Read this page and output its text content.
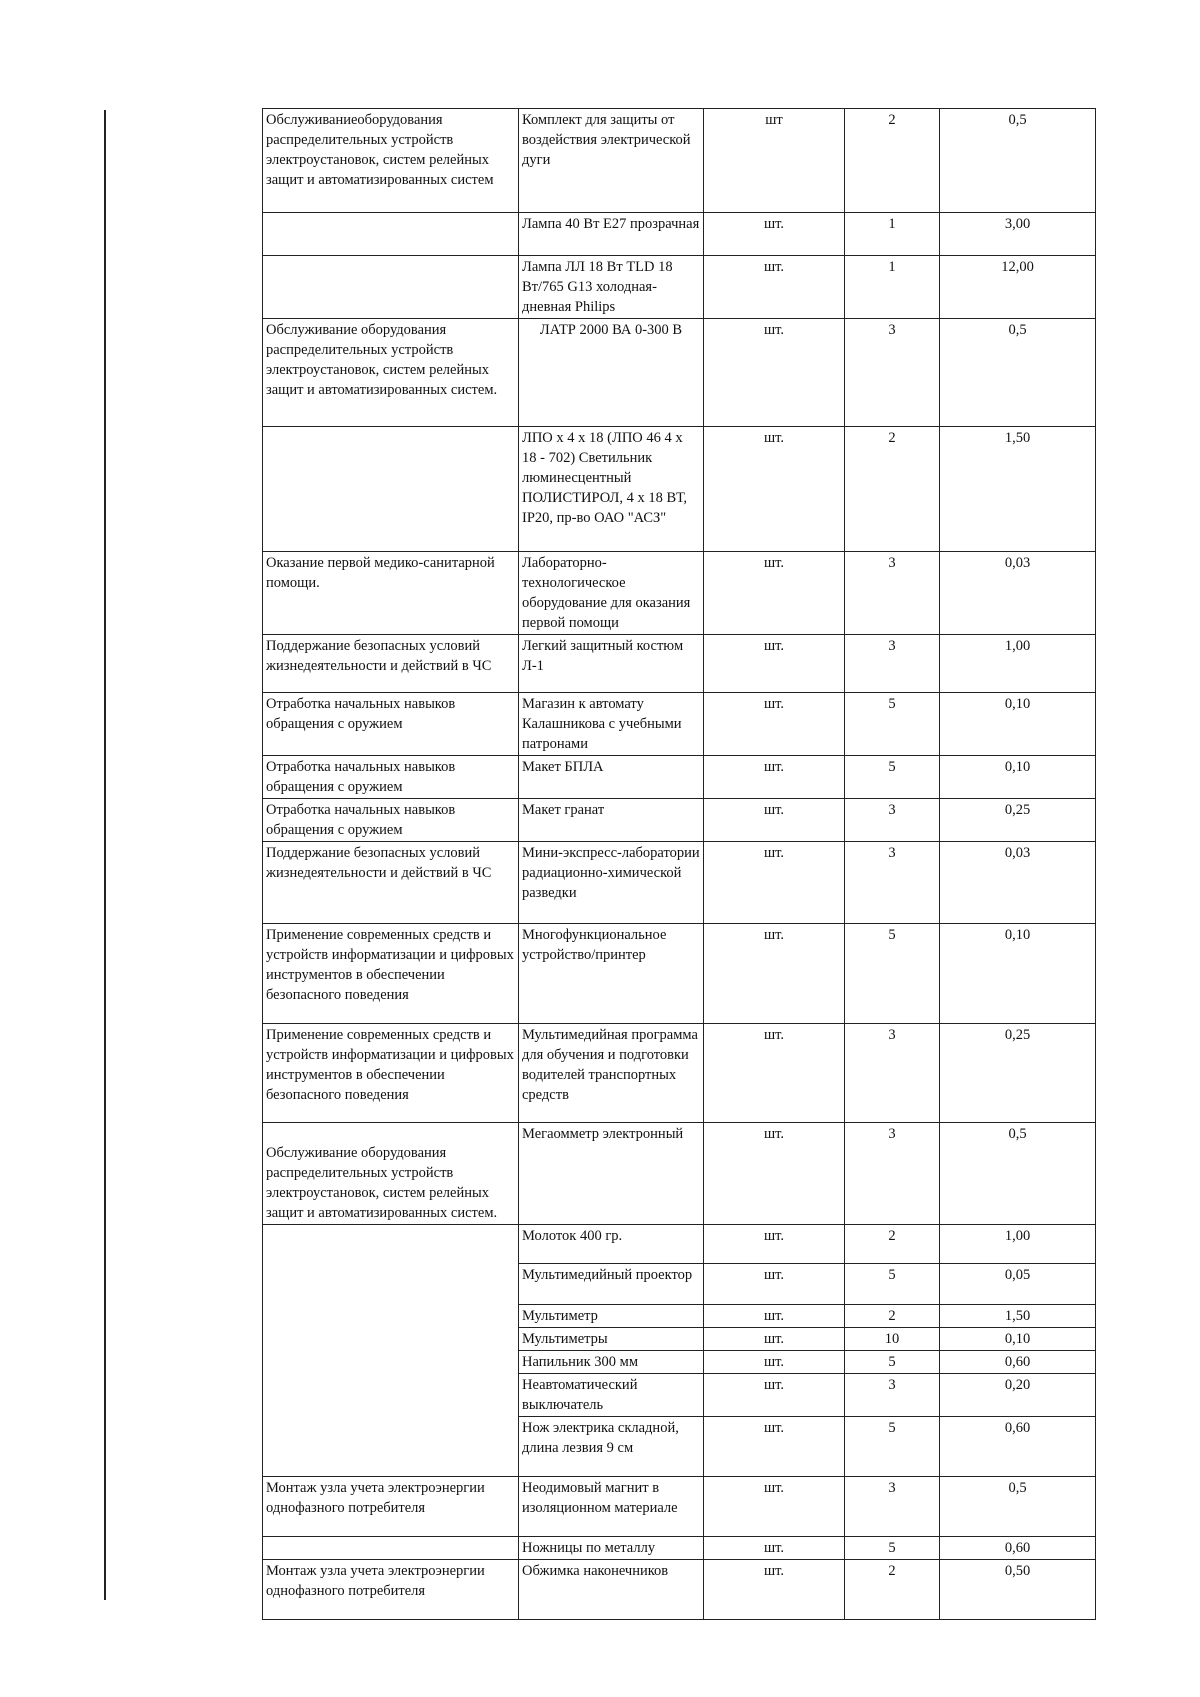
Обслуживаниеоборудования распределительных устройств электроустановок, систем релейных защит и автоматизированных систем	Комплект для защиты от воздействия электрической дуги	шт	2	0,5
	Лампа 40 Вт Е27 прозрачная	шт.	1	3,00
	Лампа ЛЛ 18 Вт TLD 18 Вт/765 G13 холодная-дневная Philips	шт.	1	12,00
Обслуживание оборудования распределительных устройств электроустановок, систем релейных защит и автоматизированных систем.	ЛАТР 2000 ВА 0-300 В	шт.	3	0,5
	ЛПО х 4 х 18 (ЛПО 46 4 х 18 - 702) Светильник люминесцентный ПОЛИСТИРОЛ, 4 х 18 ВТ, IP20, пр-во ОАО "АСЗ"	шт.	2	1,50
Оказание первой медико-санитарной помощи.	Лабораторно-технологическое оборудование для оказания первой помощи	шт.	3	0,03
Поддержание безопасных условий жизнедеятельности и действий в ЧС	Легкий защитный костюм Л-1	шт.	3	1,00
Отработка начальных навыков обращения с оружием	Магазин к автомату Калашникова с учебными патронами	шт.	5	0,10
Отработка начальных навыков обращения с оружием	Макет БПЛА	шт.	5	0,10
Отработка начальных навыков обращения с оружием	Макет гранат	шт.	3	0,25
Поддержание безопасных условий жизнедеятельности и действий в ЧС	Мини-экспресс-лаборатории радиационно-химической разведки	шт.	3	0,03
Применение современных средств и устройств информатизации и цифровых инструментов в обеспечении безопасного поведения	Многофункциональное устройство/принтер	шт.	5	0,10
Применение современных средств и устройств информатизации и цифровых инструментов в обеспечении безопасного поведения	Мультимедийная программа для обучения и подготовки водителей транспортных средств	шт.	3	0,25
Обслуживание оборудования распределительных устройств электроустановок, систем релейных защит и автоматизированных систем.	Мегаомметр электронный	шт.	3	0,5
	Молоток 400 гр.	шт.	2	1,00
	Мультимедийный проектор	шт.	5	0,05
	Мультиметр	шт.	2	1,50
	Мультиметры	шт.	10	0,10
	Напильник 300 мм	шт.	5	0,60
	Неавтоматический выключатель	шт.	3	0,20
	Нож электрика складной, длина лезвия 9 см	шт.	5	0,60
Монтаж узла учета электроэнергии однофазного потребителя	Неодимовый магнит в изоляционном материале	шт.	3	0,5
	Ножницы по металлу	шт.	5	0,60
Монтаж узла учета электроэнергии однофазного потребителя	Обжимка наконечников	шт.	2	0,50
